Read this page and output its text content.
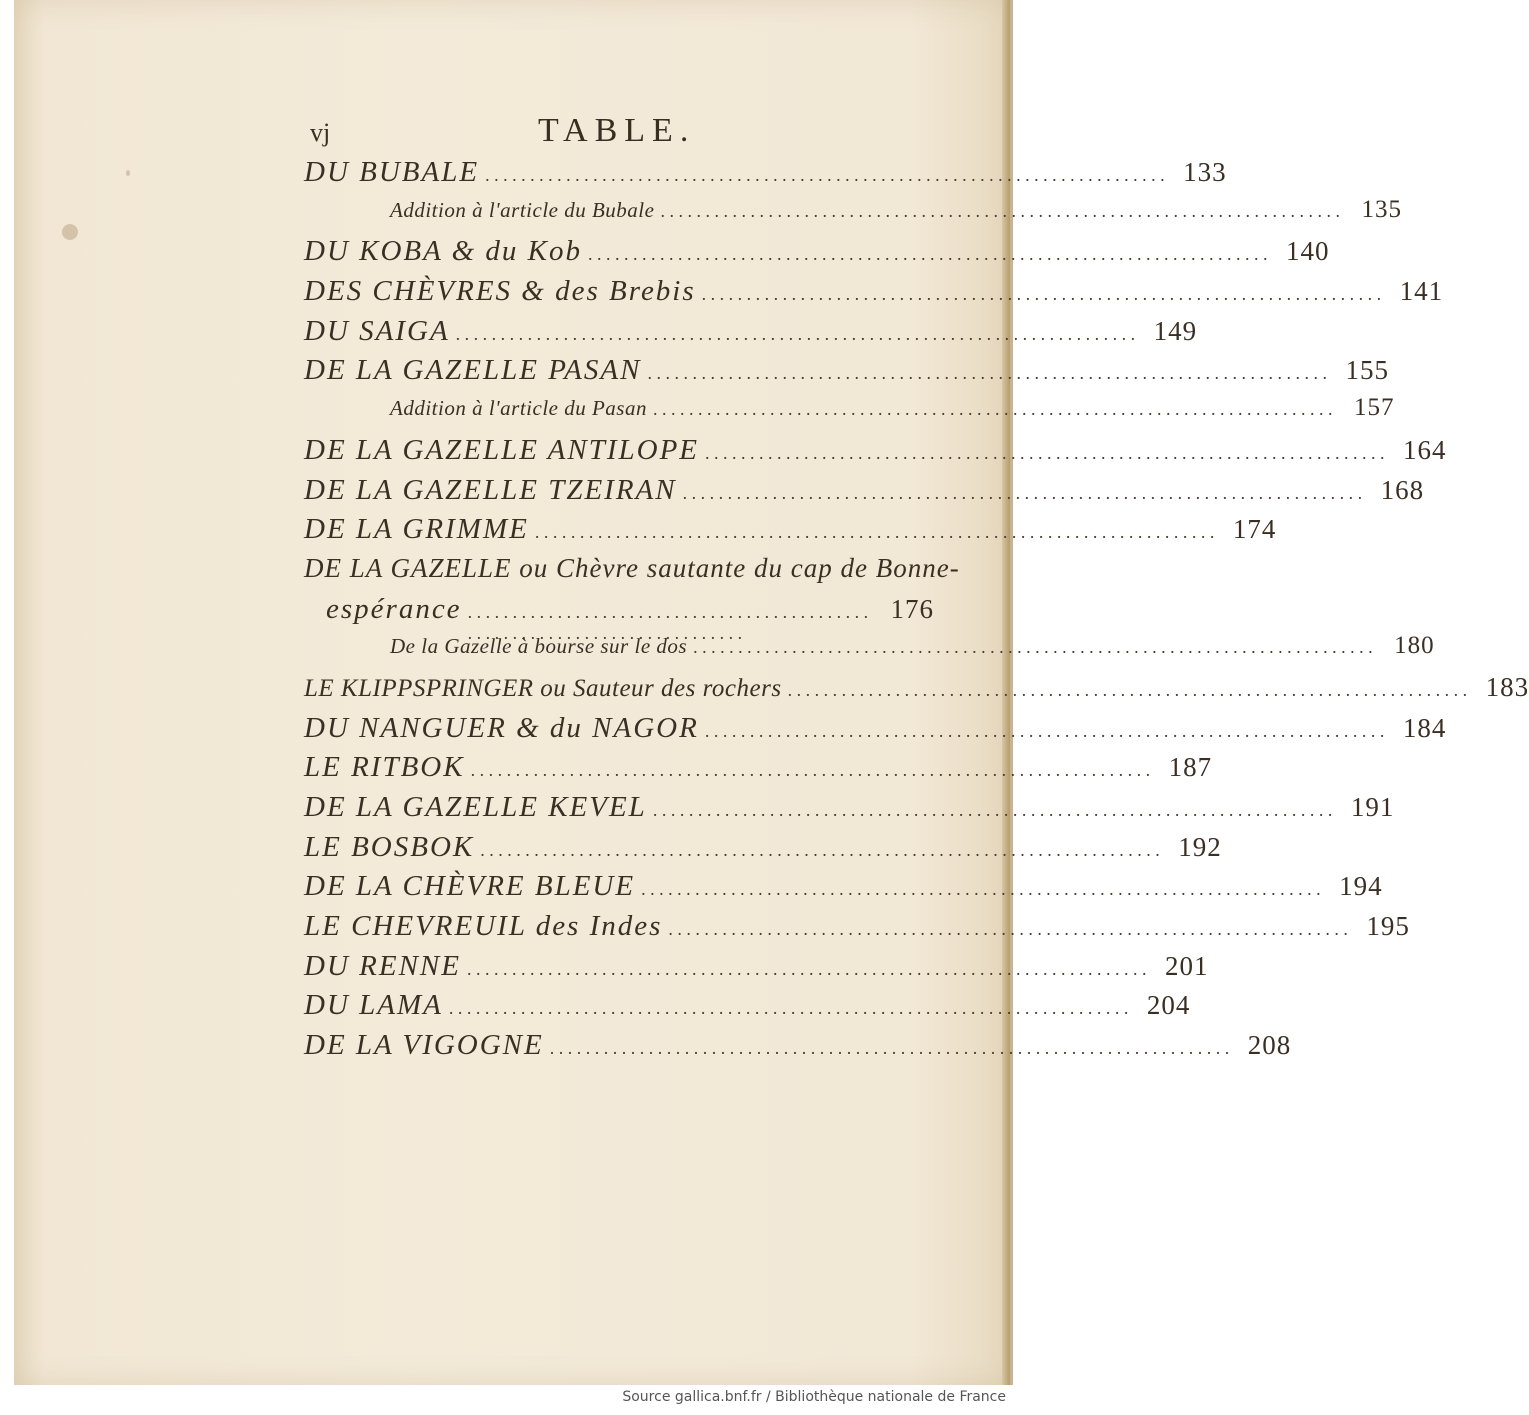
vj	TABLE.
DU BUBALE . . .	133
Addition à l'article du Bubale . . .	135
DU KOBA & du Kob . . .	140
DES CHÈVRES & des Brebis . . .	141
DU SAIGA . . .	149
DE LA GAZELLE PASAN . . .	155
Addition à l'article du Pasan . . .	157
DE LA GAZELLE ANTILOPE . . .	164
DE LA GAZELLE TZEIRAN . . .	168
DE LA GRIMME . . .	174
DE LA GAZELLE ou Chèvre sautante du cap de Bonne-
espérance . . .	176
De la Gazelle à bourse sur le dos . . .	180
LE KLIPPSPRINGER ou Sauteur des rochers . . .	183
DU NANGUER & du NAGOR . . .	184
LE RITBOK . . .	187
DE LA GAZELLE KEVEL . . .	191
LE BOSBOK . . .	192
DE LA CHÈVRE BLEUE . . .	194
LE CHEVREUIL des Indes . . .	195
DU RENNE . . .	201
DU LAMA . . .	204
DE LA VIGOGNE . . .	208
Source gallica.bnf.fr / Bibliothèque nationale de France
